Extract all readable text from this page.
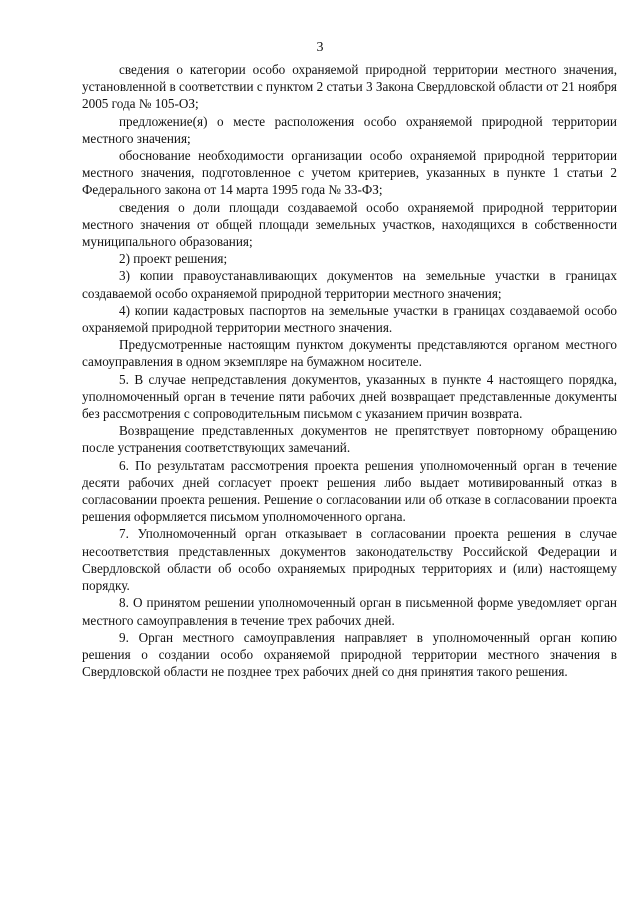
3

сведения о категории особо охраняемой природной территории местного значения, установленной в соответствии с пунктом 2 статьи 3 Закона Свердловской области от 21 ноября 2005 года № 105-ОЗ;

предложение(я) о месте расположения особо охраняемой природной территории местного значения;

обоснование необходимости организации особо охраняемой природной территории местного значения, подготовленное с учетом критериев, указанных в пункте 1 статьи 2 Федерального закона от 14 марта 1995 года № 33-ФЗ;

сведения о доли площади создаваемой особо охраняемой природной территории местного значения от общей площади земельных участков, находящихся в собственности муниципального образования;

2) проект решения;

3) копии правоустанавливающих документов на земельные участки в границах создаваемой особо охраняемой природной территории местного значения;

4) копии кадастровых паспортов на земельные участки в границах создаваемой особо охраняемой природной территории местного значения.

Предусмотренные настоящим пунктом документы представляются органом местного самоуправления в одном экземпляре на бумажном носителе.

5. В случае непредставления документов, указанных в пункте 4 настоящего порядка, уполномоченный орган в течение пяти рабочих дней возвращает представленные документы без рассмотрения с сопроводительным письмом с указанием причин возврата.

Возвращение представленных документов не препятствует повторному обращению после устранения соответствующих замечаний.

6. По результатам рассмотрения проекта решения уполномоченный орган в течение десяти рабочих дней согласует проект решения либо выдает мотивированный отказ в согласовании проекта решения. Решение о согласовании или об отказе в согласовании проекта решения оформляется письмом уполномоченного органа.

7. Уполномоченный орган отказывает в согласовании проекта решения в случае несоответствия представленных документов законодательству Российской Федерации и Свердловской области об особо охраняемых природных территориях и (или) настоящему порядку.

8. О принятом решении уполномоченный орган в письменной форме уведомляет орган местного самоуправления в течение трех рабочих дней.

9. Орган местного самоуправления направляет в уполномоченный орган копию решения о создании особо охраняемой природной территории местного значения в Свердловской области не позднее трех рабочих дней со дня принятия такого решения.
